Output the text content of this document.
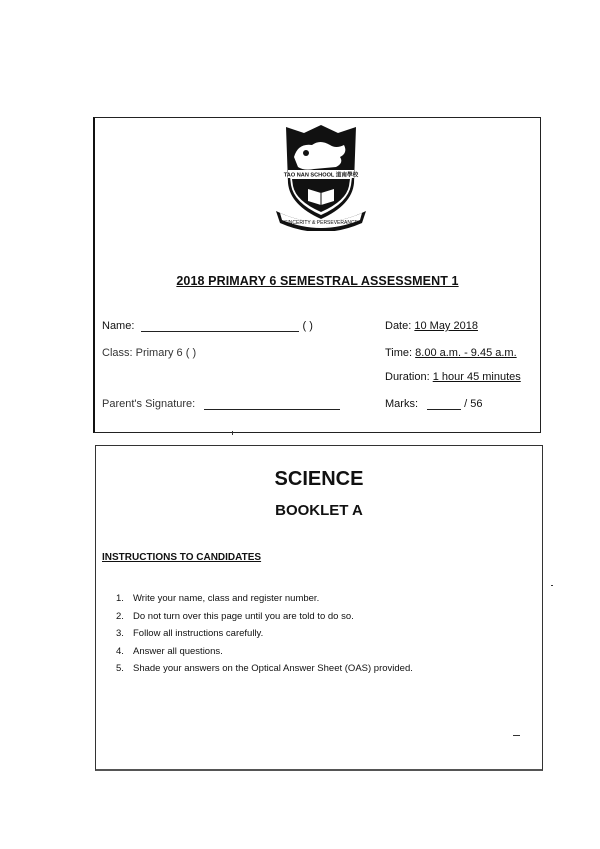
TAO NAN SCHOOL 道南學校
SINCERITY & PERSEVERANCE
2018 PRIMARY 6 SEMESTRAL ASSESSMENT 1
Name:	( )
Class: Primary 6 ( )
Parent's Signature:
Date: 10 May 2018
Time: 8.00 a.m. - 9.45 a.m.
Duration: 1 hour 45 minutes
Marks:	/ 56
SCIENCE
BOOKLET A
INSTRUCTIONS TO CANDIDATES
1. Write your name, class and register number.
2. Do not turn over this page until you are told to do so.
3. Follow all instructions carefully.
4. Answer all questions.
5. Shade your answers on the Optical Answer Sheet (OAS) provided.
